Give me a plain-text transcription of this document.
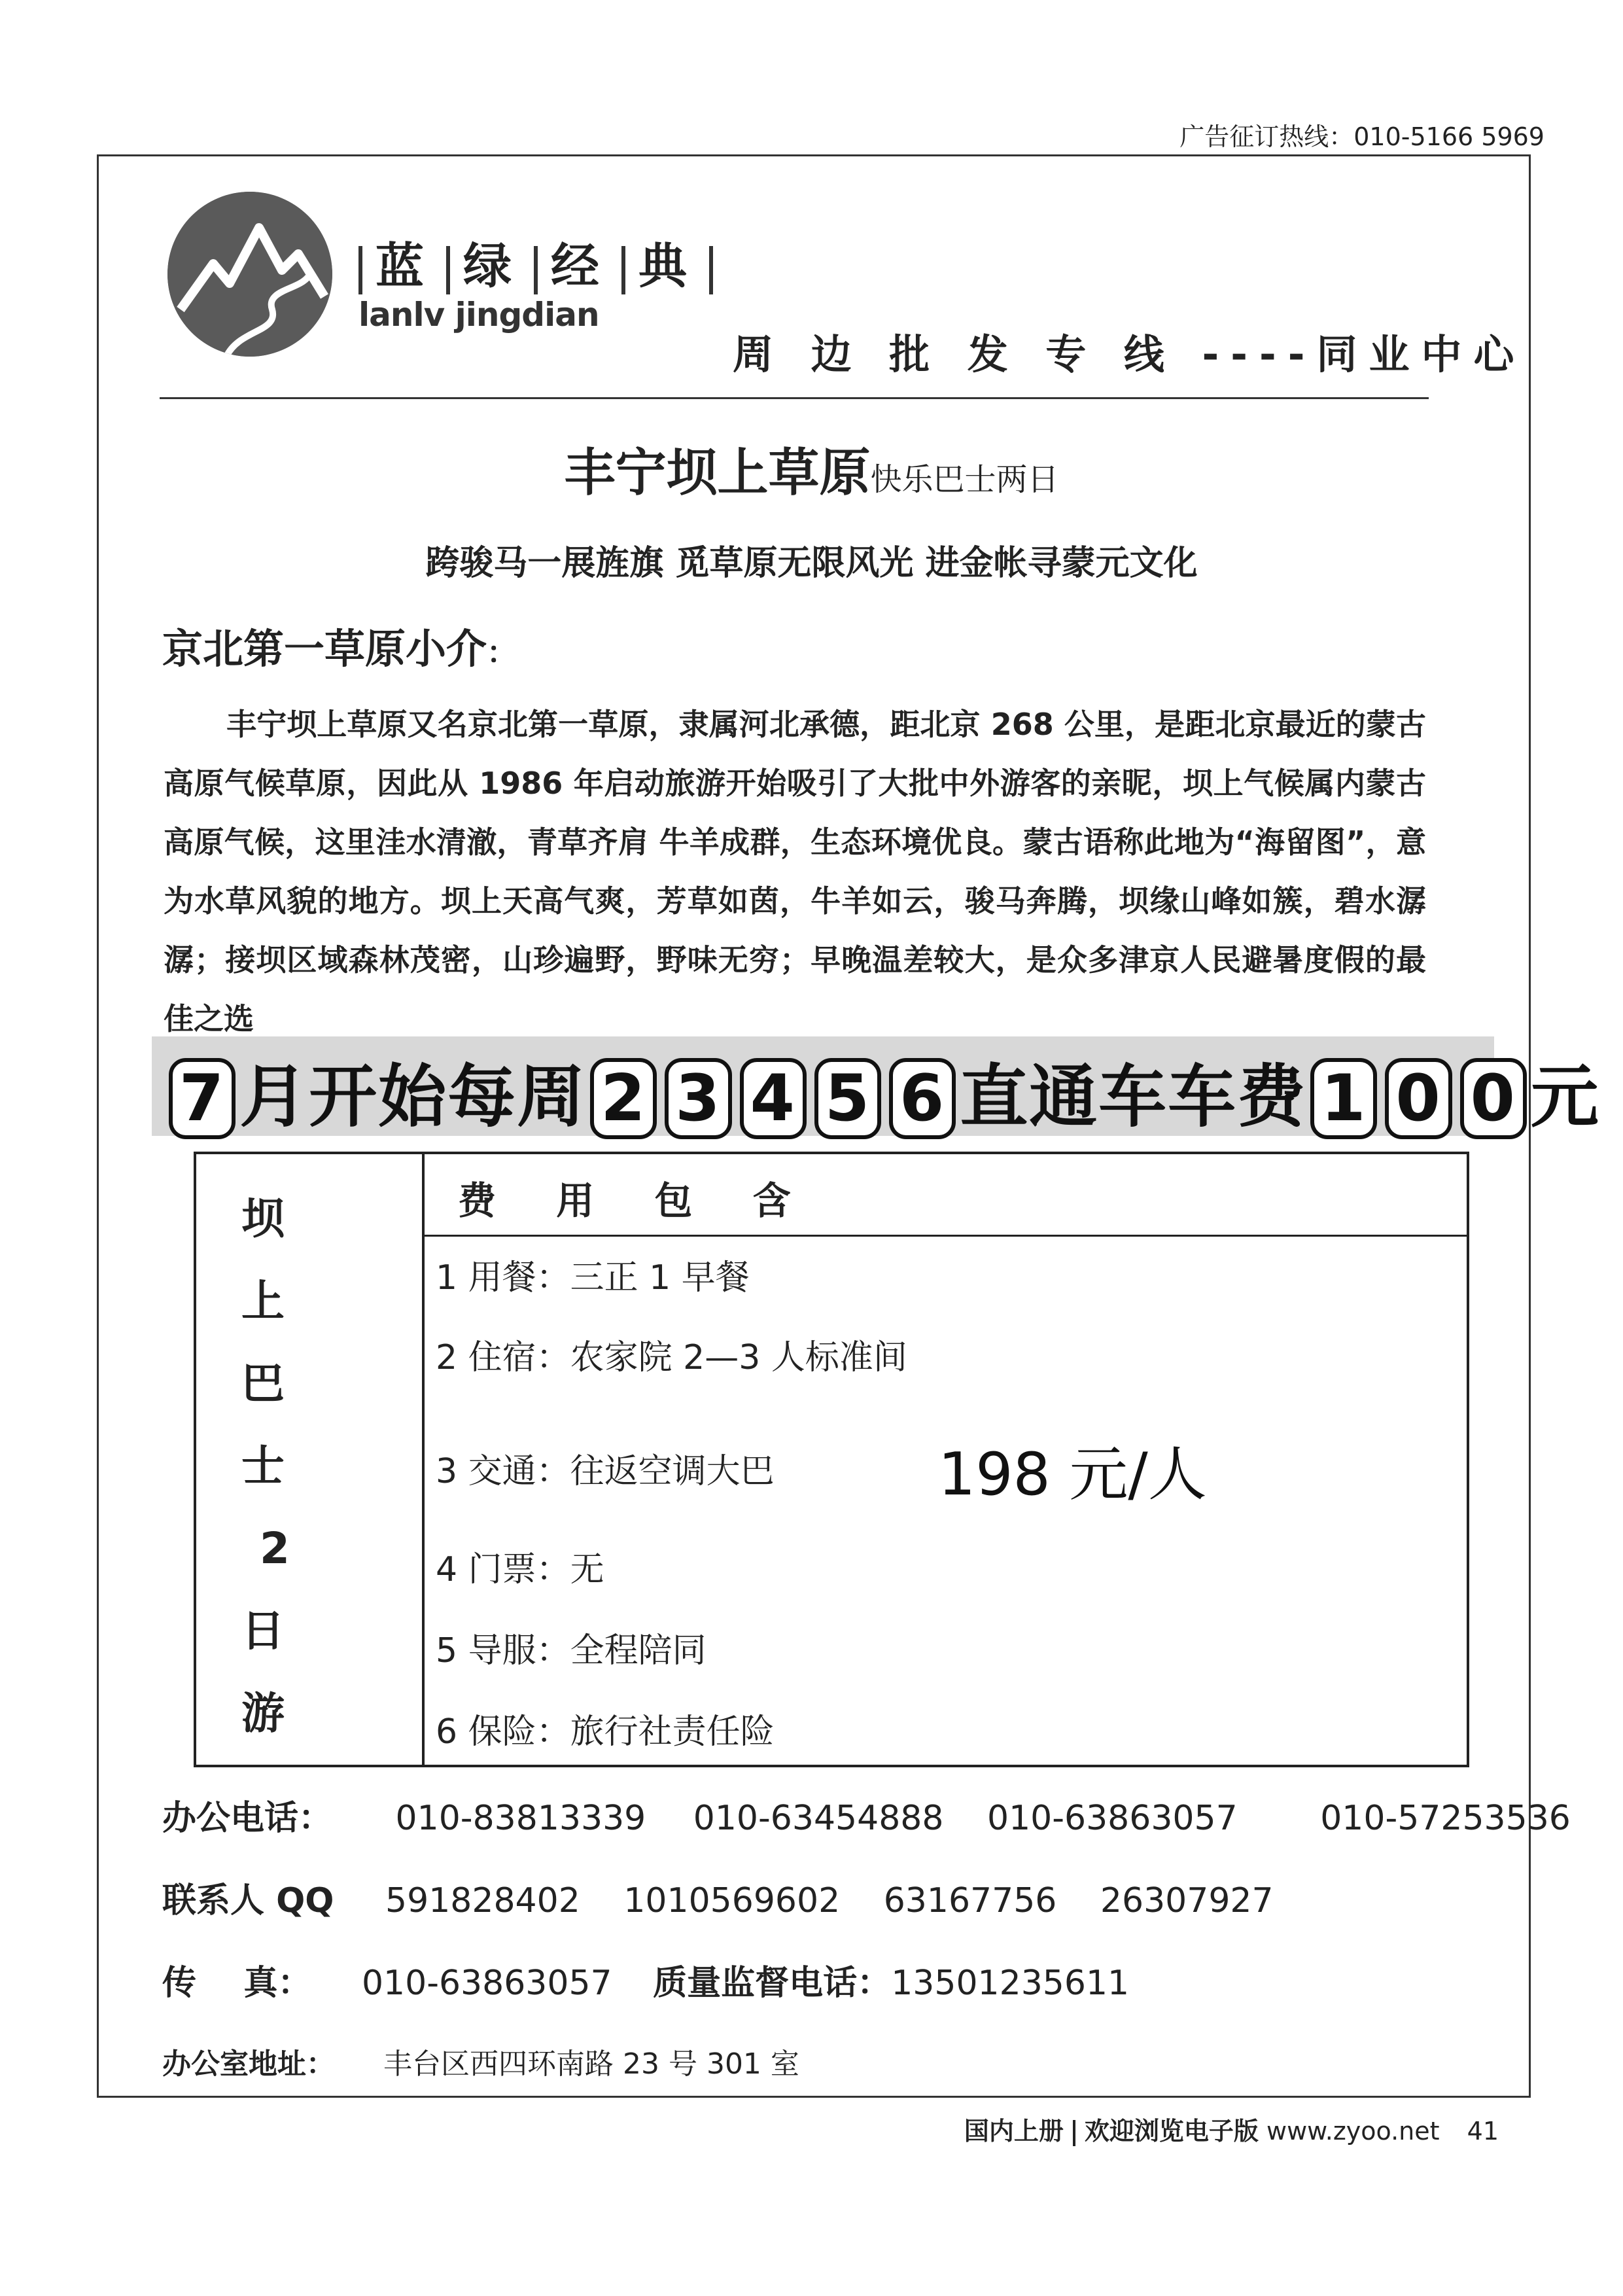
广告征订热线：010-5166 5969
蓝 绿 经 典
lanlv jingdian
周 边 批 发 专 线 ----同业中心
丰宁坝上草原快乐巴士两日
跨骏马一展旌旗 觅草原无限风光 进金帐寻蒙元文化
京北第一草原小介：
丰宁坝上草原又名京北第一草原，隶属河北承德，距北京 268 公里，是距北京最近的蒙古高原气候草原，因此从 1986 年启动旅游开始吸引了大批中外游客的亲昵，坝上气候属内蒙古高原气候，这里洼水清澈，青草齐肩 牛羊成群，生态环境优良。蒙古语称此地为“海留图”，意为水草风貌的地方。坝上天高气爽，芳草如茵，牛羊如云，骏马奔腾，坝缘山峰如簇，碧水潺潺；接坝区域森林茂密，山珍遍野，野味无穷；早晚温差较大，是众多津京人民避暑度假的最佳之选
7 月开始每周 2 3 4 5 6 直通车车费 1 0 0 元
坝
上
巴
士
2
日
游
费 用 包 含
1 用餐：三正 1 早餐
2 住宿：农家院 2—3 人标准间
3 交通：往返空调大巴
4 门票：无
5 导服：全程陪同
6 保险：旅行社责任险
198 元/人
办公电话： 010-83813339 010-63454888 010-63863057 010-57253536
联系人 QQ 591828402 1010569602 63167756 26307927
传    真： 010-63863057 质量监督电话：13501235611
办公室地址： 丰台区西四环南路 23 号 301 室
国内上册 欢迎浏览电子版 www.zyoo.net 41
